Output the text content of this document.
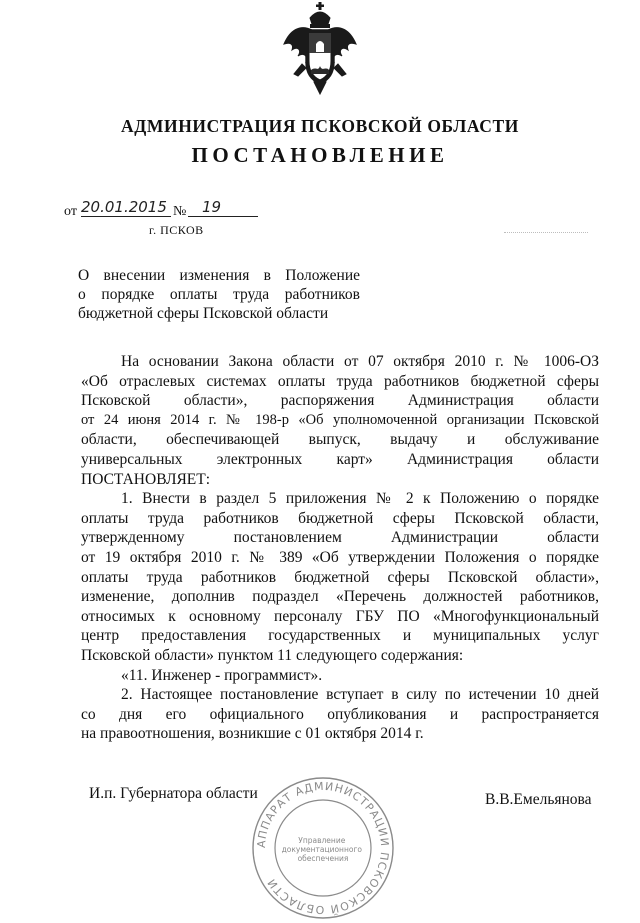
АДМИНИСТРАЦИЯ ПСКОВСКОЙ ОБЛАСТИ
ПОСТАНОВЛЕНИЕ
от 20.01.2015 № 19
г. ПСКОВ
О внесении изменения в Положение
о порядке оплаты труда работников
бюджетной сферы Псковской области
На основании Закона области от 07 октября 2010 г. № 1006-ОЗ
«Об отраслевых системах оплаты труда работников бюджетной сферы
Псковской области», распоряжения Администрация области
от 24 июня 2014 г. № 198-р «Об уполномоченной организации Псковской
области, обеспечивающей выпуск, выдачу и обслуживание
универсальных электронных карт» Администрация области
ПОСТАНОВЛЯЕТ:
1. Внести в раздел 5 приложения № 2 к Положению о порядке
оплаты труда работников бюджетной сферы Псковской области,
утвержденному постановлением Администрации области
от 19 октября 2010 г. № 389 «Об утверждении Положения о порядке
оплаты труда работников бюджетной сферы Псковской области»,
изменение, дополнив подраздел «Перечень должностей работников,
относимых к основному персоналу ГБУ ПО «Многофункциональный
центр предоставления государственных и муниципальных услуг
Псковской области» пунктом 11 следующего содержания:
«11. Инженер - программист».
2. Настоящее постановление вступает в силу по истечении 10 дней
со дня его официального опубликования и распространяется
на правоотношения, возникшие с 01 октября 2014 г.
И.п. Губернатора области	В.В.Емельянова
АППАРАТ АДМИНИСТРАЦИИ ПСКОВСКОЙ ОБЛАСТИ
Управление документационного обеспечения
